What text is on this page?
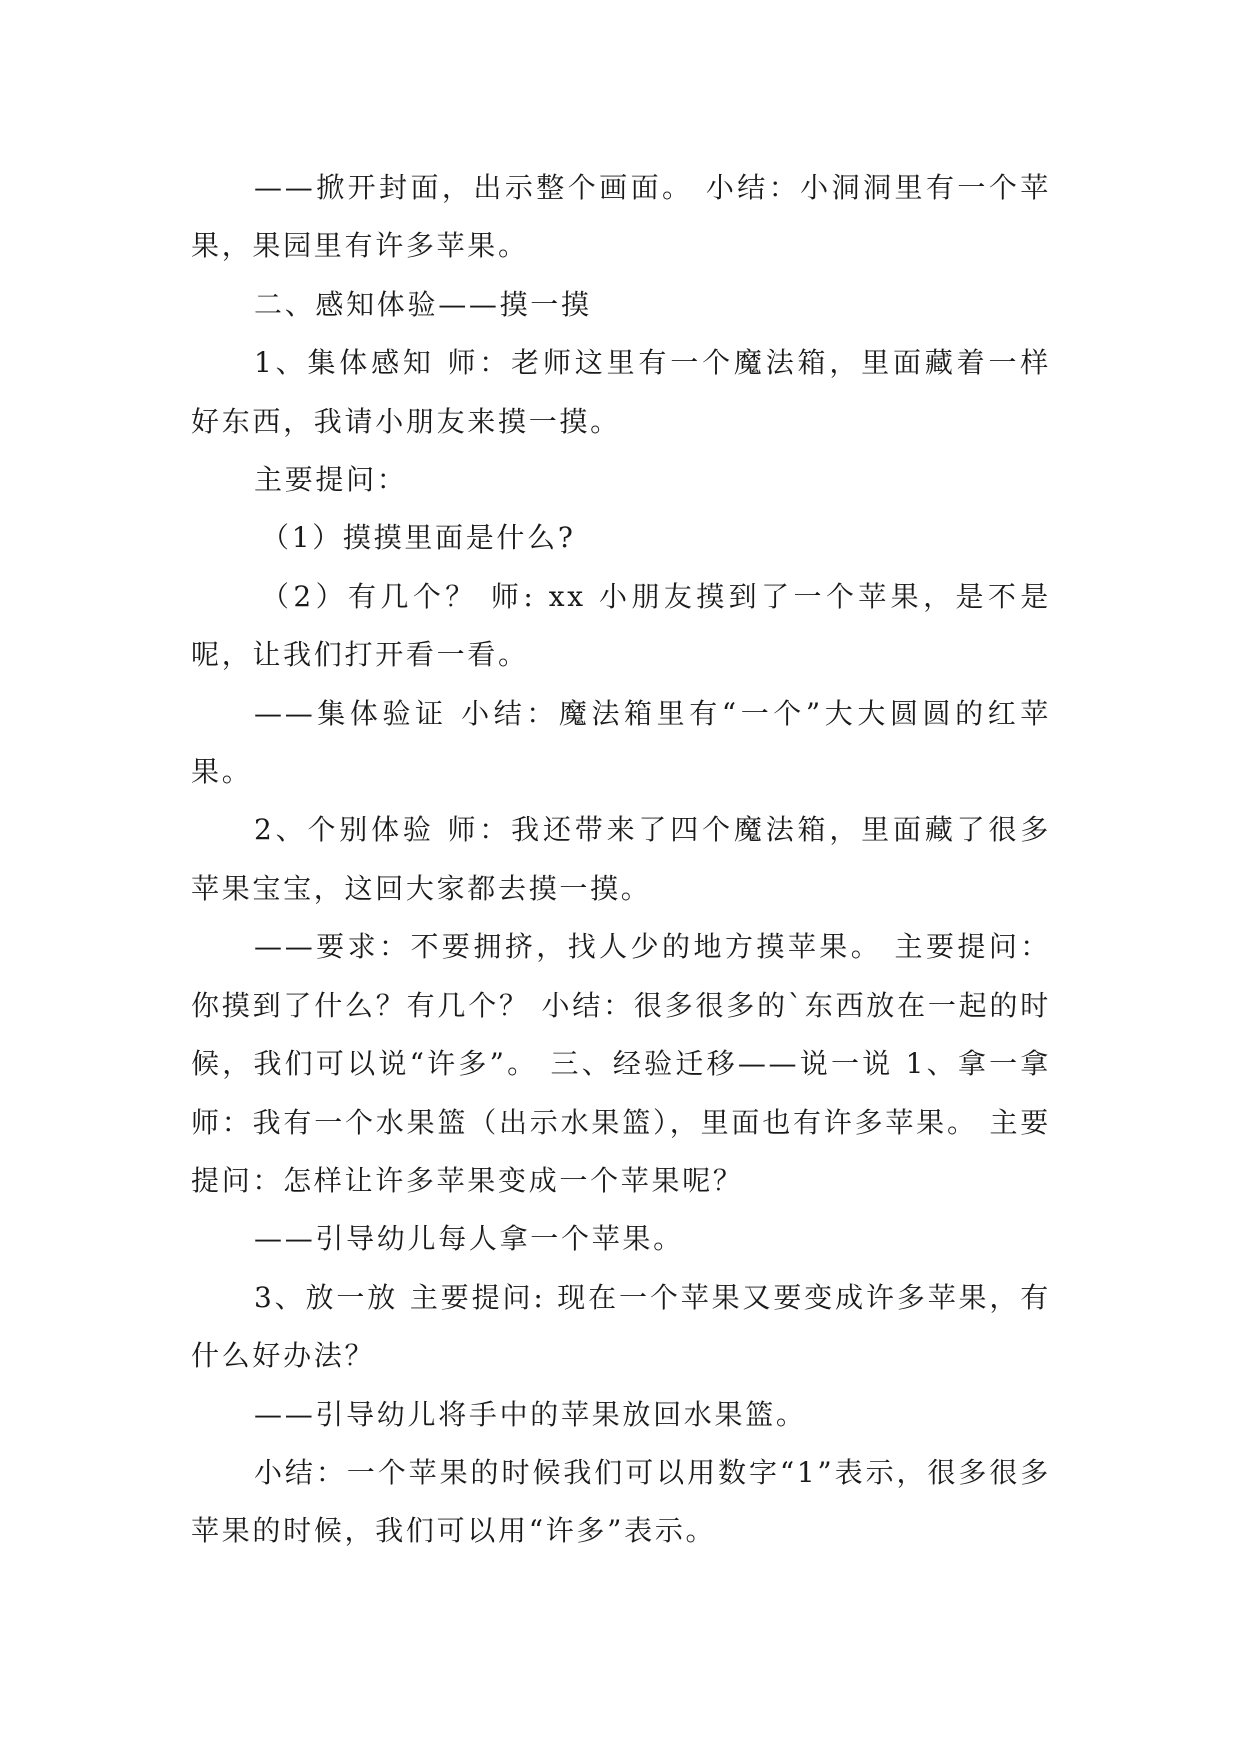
——掀开封面，出示整个画面。 小结：小洞洞里有一个苹果，果园里有许多苹果。

二、感知体验——摸一摸

1、集体感知 师：老师这里有一个魔法箱，里面藏着一样好东西，我请小朋友来摸一摸。

主要提问：

（1）摸摸里面是什么?

（2）有几个？ 师: xx 小朋友摸到了一个苹果，是不是呢，让我们打开看一看。

——集体验证 小结：魔法箱里有“一个”大大圆圆的红苹果。

2、个别体验 师：我还带来了四个魔法箱，里面藏了很多苹果宝宝，这回大家都去摸一摸。

——要求：不要拥挤，找人少的地方摸苹果。 主要提问：你摸到了什么？有几个？ 小结：很多很多的`东西放在一起的时候，我们可以说“许多”。 三、经验迁移——说一说 1、拿一拿 师：我有一个水果篮（出示水果篮），里面也有许多苹果。 主要提问：怎样让许多苹果变成一个苹果呢？

——引导幼儿每人拿一个苹果。

3、放一放 主要提问: 现在一个苹果又要变成许多苹果，有什么好办法？

——引导幼儿将手中的苹果放回水果篮。

小结：一个苹果的时候我们可以用数字“1”表示，很多很多苹果的时候，我们可以用“许多”表示。
